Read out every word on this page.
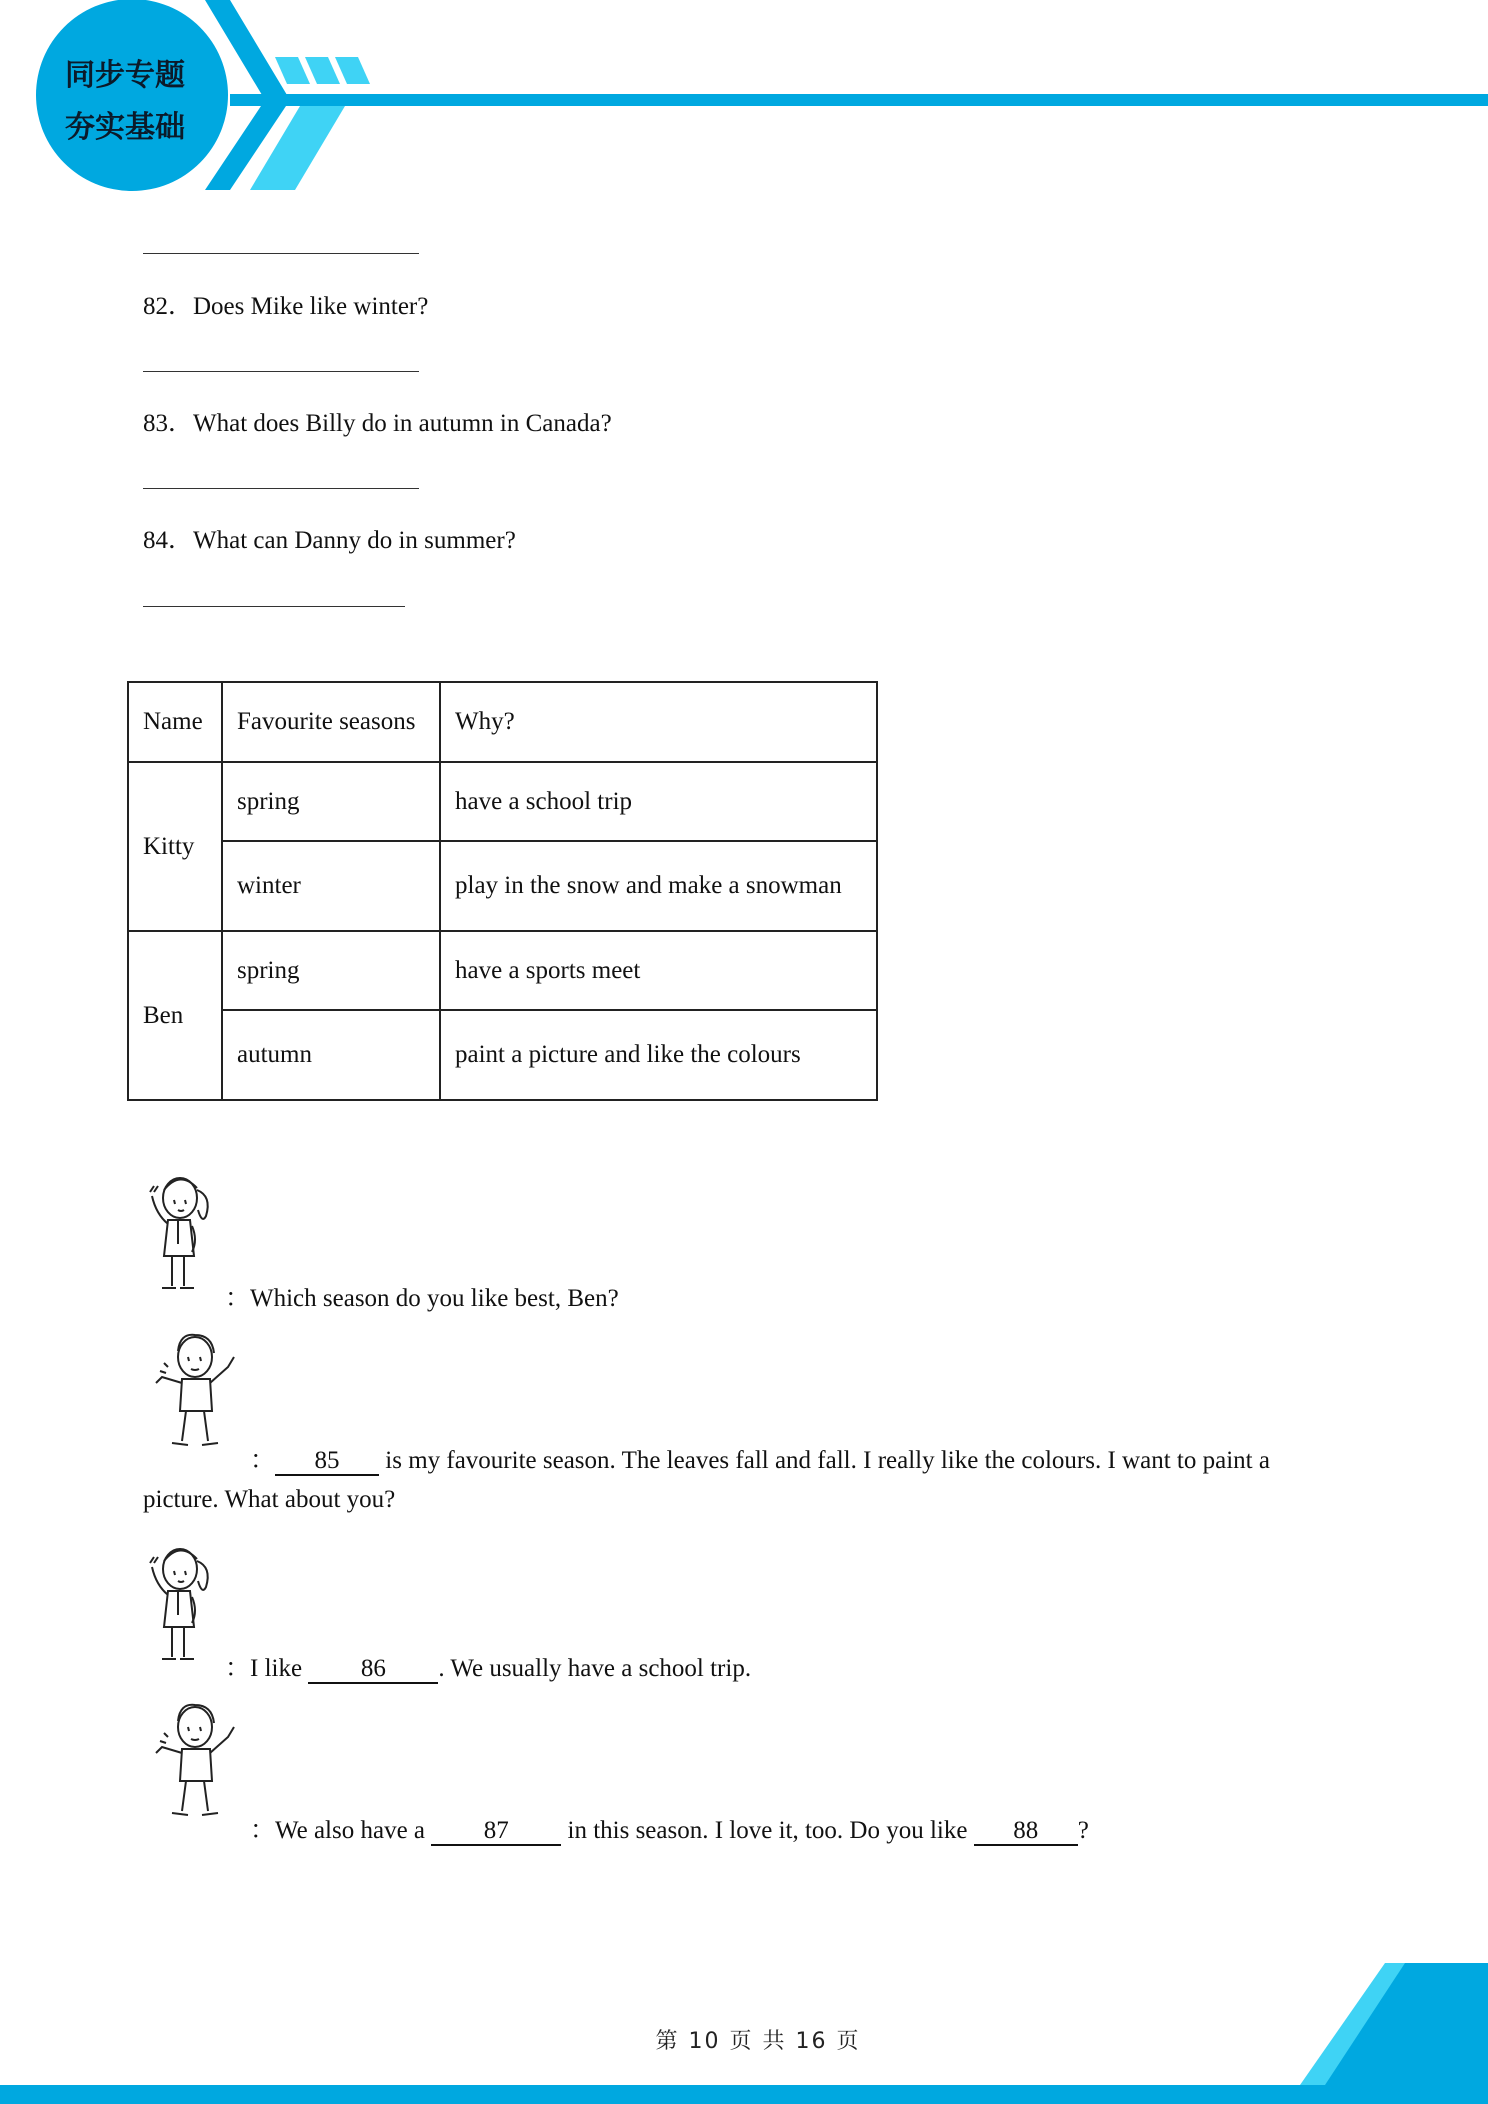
同步专题
夯实基础
82．Does Mike like winter?
83．What does Billy do in autumn in Canada?
84．What can Danny do in summer?
Name	Favourite seasons	Why?
Kitty	spring	have a school trip
	winter	play in the snow and make a snowman
Ben	spring	have a sports meet
	autumn	paint a picture and like the colours
：Which season do you like best, Ben?
： 85 is my favourite season. The leaves fall and fall. I really like the colours. I want to paint a
picture. What about you?
：I like 86 . We usually have a school trip.
：We also have a 87 in this season. I love it, too. Do you like 88 ?
第 10 页 共 16 页
